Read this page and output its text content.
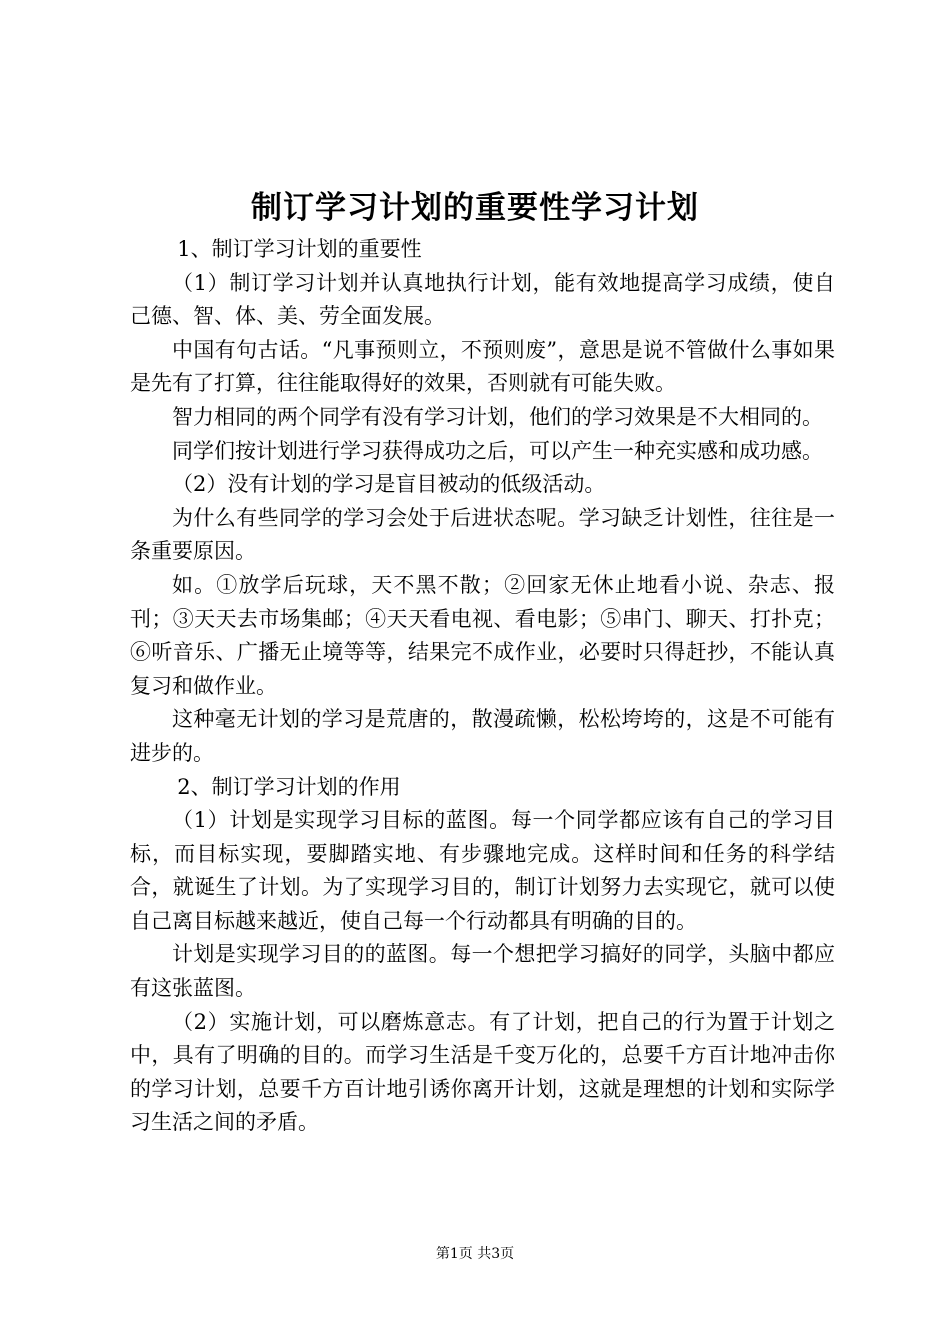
制订学习计划的重要性学习计划

1、制订学习计划的重要性

（1）制订学习计划并认真地执行计划，能有效地提高学习成绩，使自己德、智、体、美、劳全面发展。

中国有句古话。“凡事预则立，不预则废”，意思是说不管做什么事如果是先有了打算，往往能取得好的效果，否则就有可能失败。

智力相同的两个同学有没有学习计划，他们的学习效果是不大相同的。

同学们按计划进行学习获得成功之后，可以产生一种充实感和成功感。

（2）没有计划的学习是盲目被动的低级活动。

为什么有些同学的学习会处于后进状态呢。学习缺乏计划性，往往是一条重要原因。

如。①放学后玩球，天不黑不散；②回家无休止地看小说、杂志、报刊；③天天去市场集邮；④天天看电视、看电影；⑤串门、聊天、打扑克；⑥听音乐、广播无止境等等，结果完不成作业，必要时只得赶抄，不能认真复习和做作业。

这种毫无计划的学习是荒唐的，散漫疏懒，松松垮垮的，这是不可能有进步的。

2、制订学习计划的作用

（1）计划是实现学习目标的蓝图。每一个同学都应该有自己的学习目标，而目标实现，要脚踏实地、有步骤地完成。这样时间和任务的科学结合，就诞生了计划。为了实现学习目的，制订计划努力去实现它，就可以使自己离目标越来越近，使自己每一个行动都具有明确的目的。

计划是实现学习目的的蓝图。每一个想把学习搞好的同学，头脑中都应有这张蓝图。

（2）实施计划，可以磨炼意志。有了计划，把自己的行为置于计划之中，具有了明确的目的。而学习生活是千变万化的，总要千方百计地冲击你的学习计划，总要千方百计地引诱你离开计划，这就是理想的计划和实际学习生活之间的矛盾。

第1页 共3页
